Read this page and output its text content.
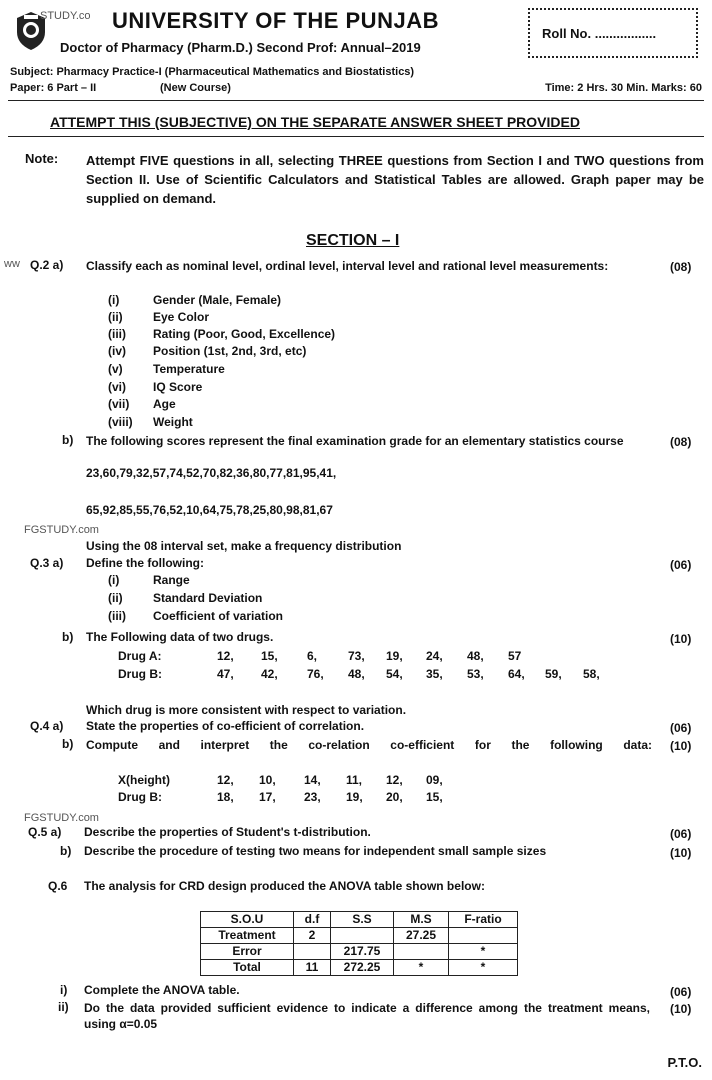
STUDY.co UNIVERSITY OF THE PUNJAB
Doctor of Pharmacy (Pharm.D.) Second Prof: Annual–2019
Roll No. .................
Subject: Pharmacy Practice-I (Pharmaceutical Mathematics and Biostatistics)
Paper: 6 Part – II	(New Course)	Time: 2 Hrs. 30 Min. Marks: 60
ATTEMPT THIS (SUBJECTIVE) ON THE SEPARATE ANSWER SHEET PROVIDED
Note: Attempt FIVE questions in all, selecting THREE questions from Section I and TWO questions from Section II. Use of Scientific Calculators and Statistical Tables are allowed. Graph paper may be supplied on demand.
SECTION – I
ww Q.2 a) Classify each as nominal level, ordinal level, interval level and rational level measurements:	(08)
(i)	Gender (Male, Female)
(ii)	Eye Color
(iii) Rating (Poor, Good, Excellence)
(iv) Position (1st, 2nd, 3rd, etc)
(v)	Temperature
(vi) IQ Score
(vii) Age
(viii) Weight
b) The following scores represent the final examination grade for an elementary statistics course	(08)
23,60,79,32,57,74,52,70,82,36,80,77,81,95,41,
65,92,85,55,76,52,10,64,75,78,25,80,98,81,67
FGSTUDY.com
Using the 08 interval set, make a frequency distribution
Q.3 a) Define the following:	(06)
(i)	Range
(ii)	Standard Deviation
(iii) Coefficient of variation
b) The Following data of two drugs.	(10)
Drug A:	12, 15, 6,	73, 19, 24, 48, 57
Drug B:	47, 42, 76, 48, 54, 35, 53, 64, 59, 58,
Which drug is more consistent with respect to variation.
Q.4 a) State the properties of co-efficient of correlation.	(06)
b) Compute and interpret the co-relation co-efficient for the following data: (10)
X(height)	12, 10, 14, 11, 12, 09,
Drug B:	18, 17, 23, 19, 20, 15,
FGSTUDY.com
Q.5 a) Describe the properties of Student's t-distribution.	(06)
b) Describe the procedure of testing two means for independent small sample sizes	(10)
Q.6 The analysis for CRD design produced the ANOVA table shown below:
S.O.U	d.f	S.S	M.S	F-ratio
Treatment	2		27.25	
Error		217.75		*
Total	11	272.25	*	*
i) Complete the ANOVA table.	(06)
ii) Do the data provided sufficient evidence to indicate a difference among the treatment means, using α=0.05
(10)
P.T.O.
